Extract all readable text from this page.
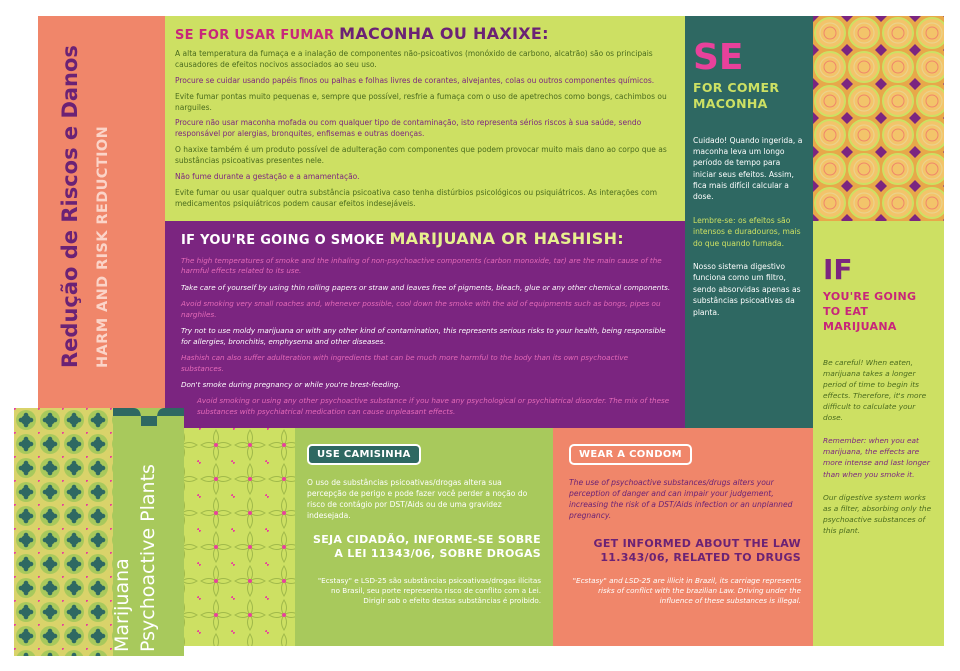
Redução de Riscos e Danos HARM AND RISK REDUCTION
SE FOR USAR FUMAR MACONHA OU HAXIXE:

A alta temperatura da fumaça e a inalação de componentes não-psicoativos (monóxido de carbono, alcatrão) são os principais causadores de efeitos nocivos associados ao seu uso.

Procure se cuidar usando papéis finos ou palhas e folhas livres de corantes, alvejantes, colas ou outros componentes químicos.

Evite fumar pontas muito pequenas e, sempre que possível, resfrie a fumaça com o uso de apetrechos como bongs, cachimbos ou narguiles.

Procure não usar maconha mofada ou com qualquer tipo de contaminação, isto representa sérios riscos à sua saúde, sendo responsável por alergias, bronquites, enfisemas e outras doenças.

O haxixe também é um produto possível de adulteração com componentes que podem provocar muito mais dano ao corpo que as substâncias psicoativas presentes nele.

Não fume durante a gestação e a amamentação.

Evite fumar ou usar qualquer outra substância psicoativa caso tenha distúrbios psicológicos ou psiquiátricos. As interações com medicamentos psiquiátricos podem causar efeitos indesejáveis.

IF YOU'RE GOING O SMOKE MARIJUANA OR HASHISH:

The high temperatures of smoke and the inhaling of non-psychoactive components (carbon monoxide, tar) are the main cause of the harmful effects related to its use.

Take care of yourself by using thin rolling papers or straw and leaves free of pigments, bleach, glue or any other chemical components.

Avoid smoking very small roaches and, whenever possible, cool down the smoke with the aid of equipments such as bongs, pipes ou narghiles.

Try not to use moldy marijuana or with any other kind of contamination, this represents serious risks to your health, being responsible for allergies, bronchitis, emphysema and other diseases.

Hashish can also suffer adulteration with ingredients that can be much more harmful to the body than its own psychoactive substances.

Don't smoke during pregnancy or while you're brest-feeding.

Avoid smoking or using any other psychoactive substance if you have any psychological or psychiatrical disorder. The mix of these substances with psychiatrical medication can cause unpleasant effects.

SE
FOR COMER MACONHA

Cuidado! Quando ingerida, a maconha leva um longo período de tempo para iniciar seus efeitos. Assim, fica mais difícil calcular a dose.

Lembre-se: os efeitos são intensos e duradouros, mais do que quando fumada.

Nosso sistema digestivo funciona como um filtro, sendo absorvidas apenas as substâncias psicoativas da planta.

IF
YOU'RE GOING TO EAT MARIJUANA

Be careful! When eaten, marijuana takes a longer period of time to begin its effects. Therefore, it's more difficult to calculate your dose.

Remember: when you eat marijuana, the effects are more intense and last longer than when you smoke it.

Our digestive system works as a filter, absorbing only the psychoactive substances of this plant.

USE CAMISINHA

O uso de substâncias psicoativas/drogas altera sua percepção de perigo e pode fazer você perder a noção do risco de contágio por DST/Aids ou de uma gravidez indesejada.

SEJA CIDADÃO, INFORME-SE SOBRE A LEI 11343/06, SOBRE DROGAS

"Ecstasy" e LSD-25 são substâncias psicoativas/drogas ilícitas no Brasil, seu porte representa risco de conflito com a Lei. Dirigir sob o efeito destas substâncias é proibido.

WEAR A CONDOM

The use of psychoactive substances/drugs alters your perception of danger and can impair your judgement, increasing the risk of a DST/Aids infection or an unplanned pregnancy.

GET INFORMED ABOUT THE LAW 11.343/06, RELATED TO DRUGS

"Ecstasy" and LSD-25 are illicit in Brazil, its carriage represents risks of conflict with the brazilian Law. Driving under the influence of these substances is illegal.

Marijuana Psychoactive Plants
